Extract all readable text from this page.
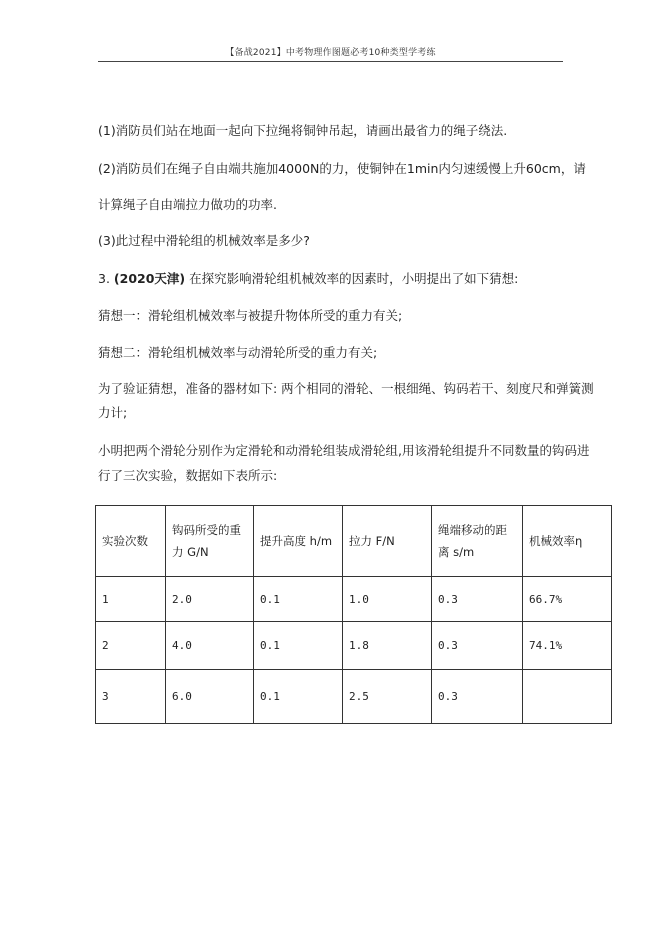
【备战2021】中考物理作图题必考10种类型学考练
(1)消防员们站在地面一起向下拉绳将铜钟吊起，请画出最省力的绳子绕法.
(2)消防员们在绳子自由端共施加4000N的力，使铜钟在1min内匀速缓慢上升60cm，请
计算绳子自由端拉力做功的功率.
(3)此过程中滑轮组的机械效率是多少?
3. (2020天津) 在探究影响滑轮组机械效率的因素时，小明提出了如下猜想:
猜想一：滑轮组机械效率与被提升物体所受的重力有关;
猜想二：滑轮组机械效率与动滑轮所受的重力有关;
为了验证猜想，准备的器材如下: 两个相同的滑轮、一根细绳、钩码若干、刻度尺和弹簧测
力计;
小明把两个滑轮分别作为定滑轮和动滑轮组装成滑轮组,用该滑轮组提升不同数量的钩码进
行了三次实验，数据如下表所示:
实验次数	钩码所受的重力 G/N	提升高度 h/m	拉力 F/N	绳端移动的距离 s/m	机械效率η
1	2.0	0.1	1.0	0.3	66.7%
2	4.0	0.1	1.8	0.3	74.1%
3	6.0	0.1	2.5	0.3	
